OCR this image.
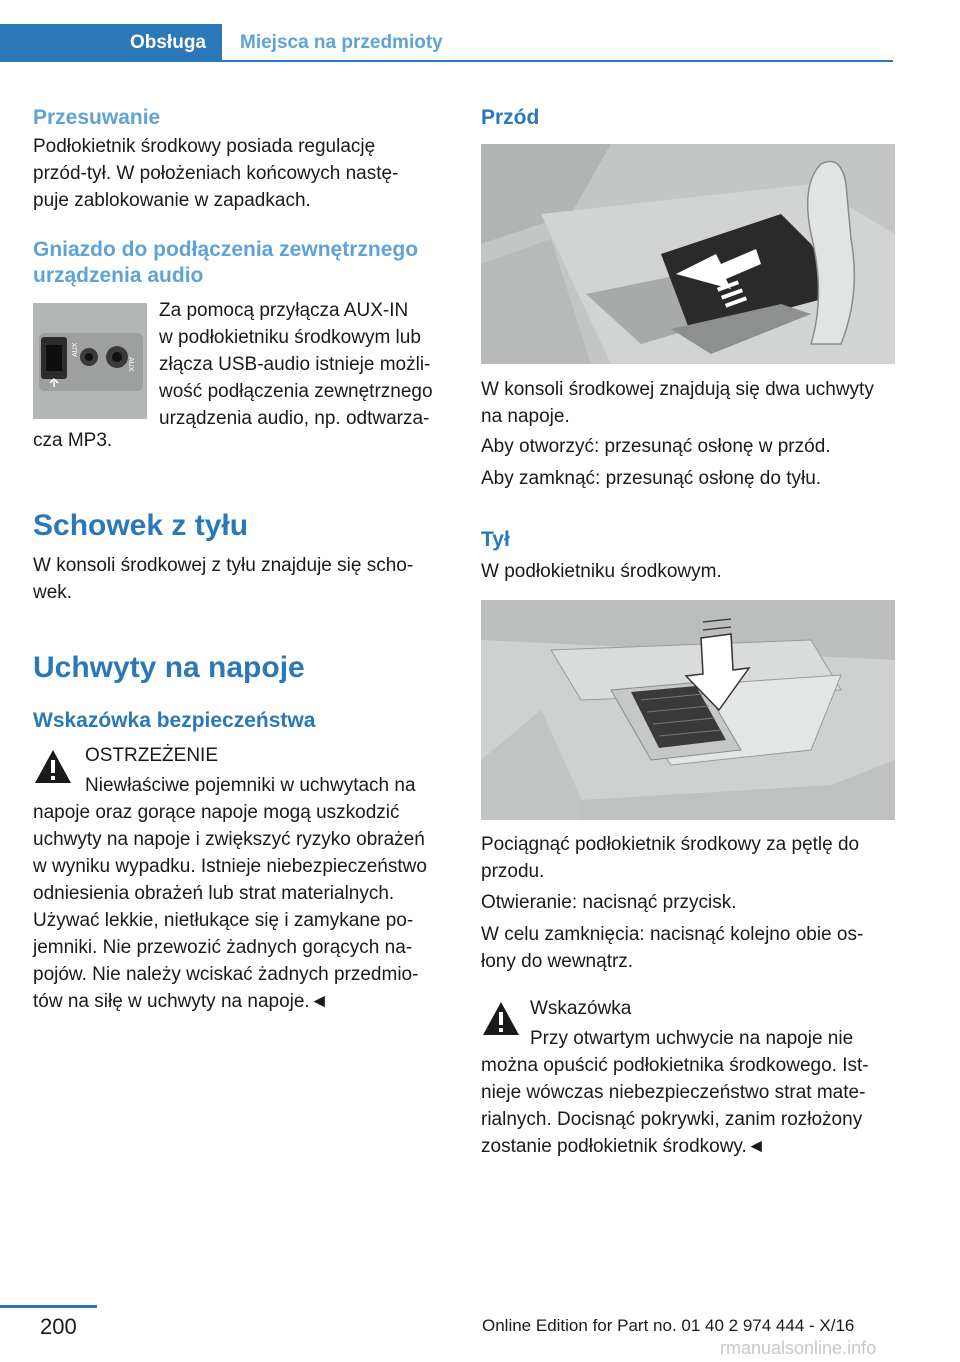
Obsługa	Miejsca na przedmioty
Przesuwanie

Podłokietnik środkowy posiada regulację

przód-tył. W położeniach końcowych nastę-

puje zablokowanie w zapadkach.

Gniazdo do podłączenia zewnętrznego
urządzenia audio
AUX
AUX

Za pomocą przyłącza AUX-IN

w podłokietniku środkowym lub

złącza USB-audio istnieje możli-

wość podłączenia zewnętrznego

urządzenia audio, np. odtwarza-

cza MP3.

Schowek z tyłu

W konsoli środkowej z tyłu znajduje się scho-

wek.

Uchwyty na napoje
Wskazówka bezpieczeństwa

OSTRZEŻENIE

Niewłaściwe pojemniki w uchwytach na

napoje oraz gorące napoje mogą uszkodzić

uchwyty na napoje i zwiększyć ryzyko obrażeń

w wyniku wypadku. Istnieje niebezpieczeństwo

odniesienia obrażeń lub strat materialnych.

Używać lekkie, nietłukące się i zamykane po-

jemniki. Nie przewozić żadnych gorących na-

pojów. Nie należy wciskać żadnych przedmio-

tów na siłę w uchwyty na napoje.◄

Przód

W konsoli środkowej znajdują się dwa uchwyty

na napoje.

Aby otworzyć: przesunąć osłonę w przód.

Aby zamknąć: przesunąć osłonę do tyłu.

Tył

W podłokietniku środkowym.

Pociągnąć podłokietnik środkowy za pętlę do

przodu.

Otwieranie: nacisnąć przycisk.

W celu zamknięcia: nacisnąć kolejno obie os-

łony do wewnątrz.

Wskazówka

Przy otwartym uchwycie na napoje nie

można opuścić podłokietnika środkowego. Ist-

nieje wówczas niebezpieczeństwo strat mate-

rialnych. Docisnąć pokrywki, zanim rozłożony

zostanie podłokietnik środkowy.◄

200	Online Edition for Part no. 01 40 2 974 444 - X/16
rmanualsonline.info
